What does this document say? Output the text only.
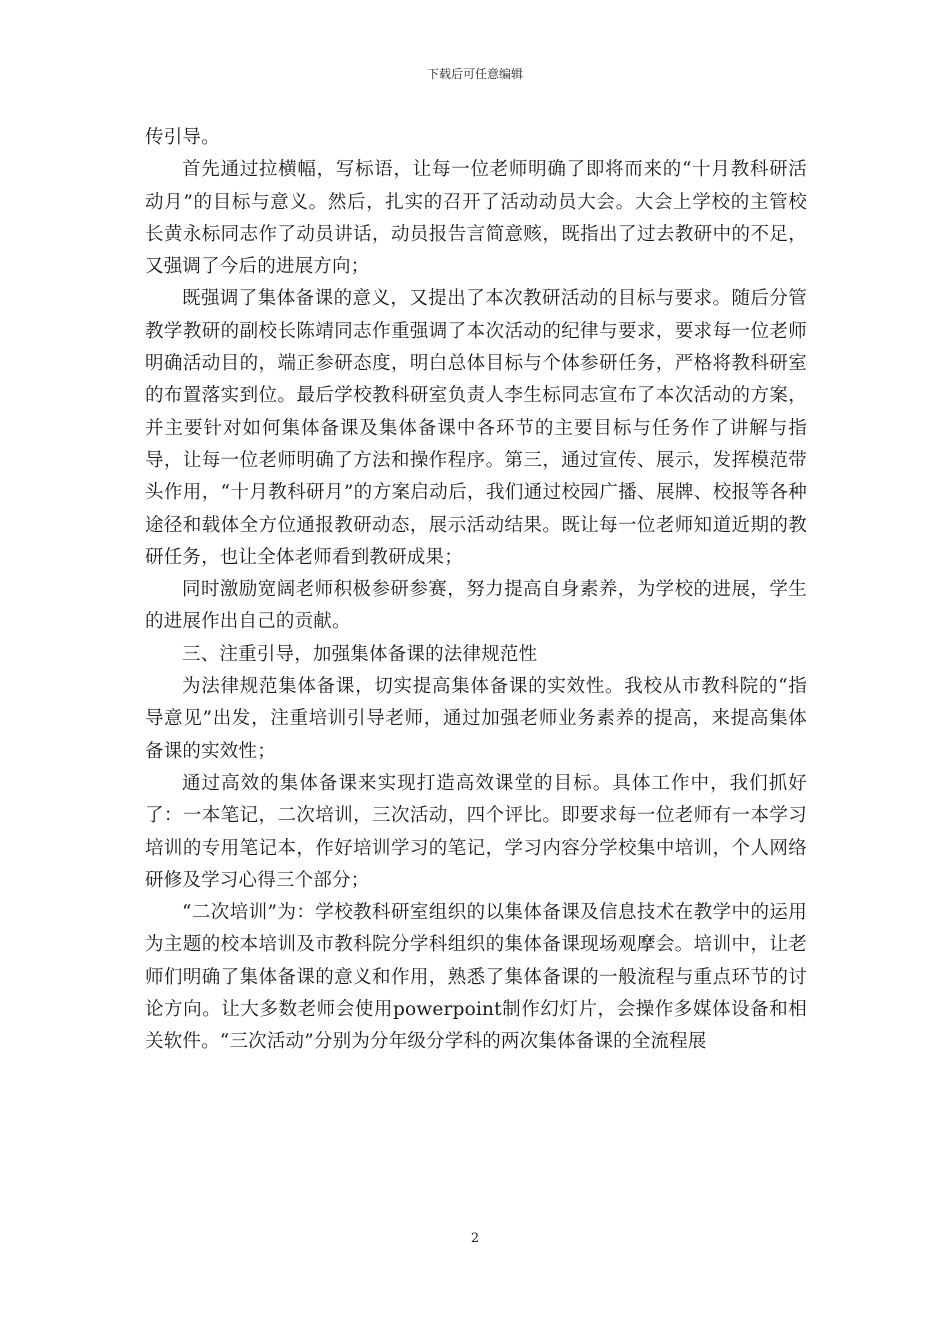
下载后可任意编辑

传引导。

首先通过拉横幅，写标语，让每一位老师明确了即将而来的“十月教科研活动月”的目标与意义。然后，扎实的召开了活动动员大会。大会上学校的主管校长黄永标同志作了动员讲话，动员报告言简意赅，既指出了过去教研中的不足，又强调了今后的进展方向；

既强调了集体备课的意义，又提出了本次教研活动的目标与要求。随后分管教学教研的副校长陈靖同志作重强调了本次活动的纪律与要求，要求每一位老师明确活动目的，端正参研态度，明白总体目标与个体参研任务，严格将教科研室的布置落实到位。最后学校教科研室负责人李生标同志宣布了本次活动的方案，并主要针对如何集体备课及集体备课中各环节的主要目标与任务作了讲解与指导，让每一位老师明确了方法和操作程序。第三，通过宣传、展示，发挥模范带头作用，“十月教科研月”的方案启动后，我们通过校园广播、展牌、校报等各种途径和载体全方位通报教研动态，展示活动结果。既让每一位老师知道近期的教研任务，也让全体老师看到教研成果；

同时激励宽阔老师积极参研参赛，努力提高自身素养，为学校的进展，学生的进展作出自己的贡献。

三、注重引导，加强集体备课的法律规范性

为法律规范集体备课，切实提高集体备课的实效性。我校从市教科院的“指导意见”出发，注重培训引导老师，通过加强老师业务素养的提高，来提高集体备课的实效性；

通过高效的集体备课来实现打造高效课堂的目标。具体工作中，我们抓好了：一本笔记，二次培训，三次活动，四个评比。即要求每一位老师有一本学习培训的专用笔记本，作好培训学习的笔记，学习内容分学校集中培训，个人网络研修及学习心得三个部分；

“二次培训”为：学校教科研室组织的以集体备课及信息技术在教学中的运用为主题的校本培训及市教科院分学科组织的集体备课现场观摩会。培训中，让老师们明确了集体备课的意义和作用，熟悉了集体备课的一般流程与重点环节的讨论方向。让大多数老师会使用powerpoint制作幻灯片，会操作多媒体设备和相关软件。“三次活动”分别为分年级分学科的两次集体备课的全流程展

2
